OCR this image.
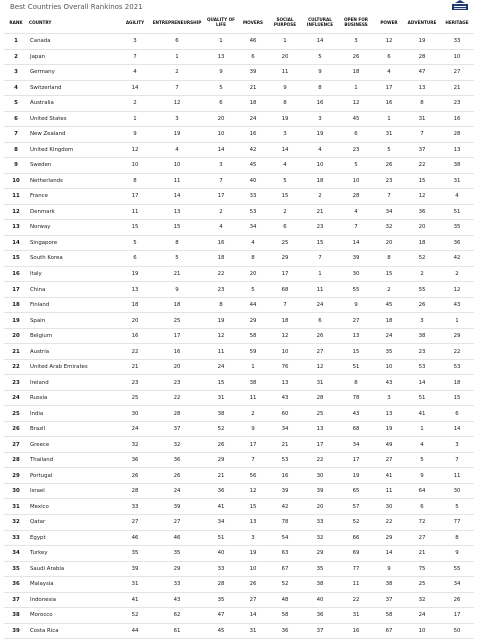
Best Countries Overall Rankinos 2021
RANK	COUNTRY	AGILITY	ENTREPRENEURSHIP	QUALITY OF LIFE	MOVERS	SOCIAL PURPOSE	CULTURAL INFLUENCE	OPEN FOR BUSINESS	POWER	ADVENTURE	HERITAGE
1	Canada	3	6	1	46	1	14	3	12	19	33
2	Japan	7	1	13	6	20	5	26	6	28	10
3	Germany	4	2	9	39	11	9	18	4	47	27
4	Switzerland	14	7	5	21	9	8	1	17	13	21
5	Australia	2	12	6	18	8	16	12	16	8	23
6	United States	1	3	20	24	19	3	45	1	31	16
7	New Zealand	9	19	10	16	3	19	6	31	7	28
8	United Kingdom	12	4	14	42	14	4	23	5	37	13
9	Sweden	10	10	3	45	4	10	5	26	22	38
10	Netherlands	8	11	7	40	5	18	10	23	15	31
11	France	17	14	17	33	15	2	28	7	12	4
12	Denmark	11	13	2	53	2	21	4	34	36	51
13	Norway	15	15	4	34	6	23	7	32	20	35
14	Singapore	5	8	16	4	25	15	14	20	18	36
15	South Korea	6	5	18	8	29	7	39	8	52	42
16	Italy	19	21	22	20	17	1	30	15	2	2
17	China	13	9	23	5	68	11	55	2	55	12
18	Finland	18	18	8	44	7	24	9	45	26	43
19	Spain	20	25	19	29	18	6	27	18	3	1
20	Belgium	16	17	12	58	12	26	13	24	38	29
21	Austria	22	16	11	59	10	27	15	35	23	22
22	United Arab Emirates	21	20	24	1	76	12	51	10	53	53
23	Ireland	23	23	15	38	13	31	8	43	14	18
24	Russia	25	22	31	11	43	28	78	3	51	15
25	India	30	28	38	2	60	25	43	13	41	6
26	Brazil	24	37	52	9	34	13	68	19	1	14
27	Greece	32	32	26	17	21	17	34	49	4	3
28	Thailand	36	36	29	7	53	22	17	27	5	7
29	Portugal	26	26	21	56	16	30	19	41	9	11
30	Israel	28	24	36	12	39	39	65	11	64	30
31	Mexico	33	39	41	15	42	20	57	30	6	5
32	Qatar	27	27	34	13	78	33	52	22	72	77
33	Egypt	46	46	51	3	54	32	66	29	27	8
34	Turkey	35	35	40	19	63	29	69	14	21	9
35	Saudi Arabia	39	29	33	10	67	35	77	9	75	55
36	Malaysia	31	33	28	26	52	38	11	38	25	34
37	Indonesia	41	43	35	27	48	40	22	37	32	26
38	Morocco	52	62	47	14	58	36	31	58	24	17
39	Costa Rica	44	61	45	31	36	37	16	67	10	50
